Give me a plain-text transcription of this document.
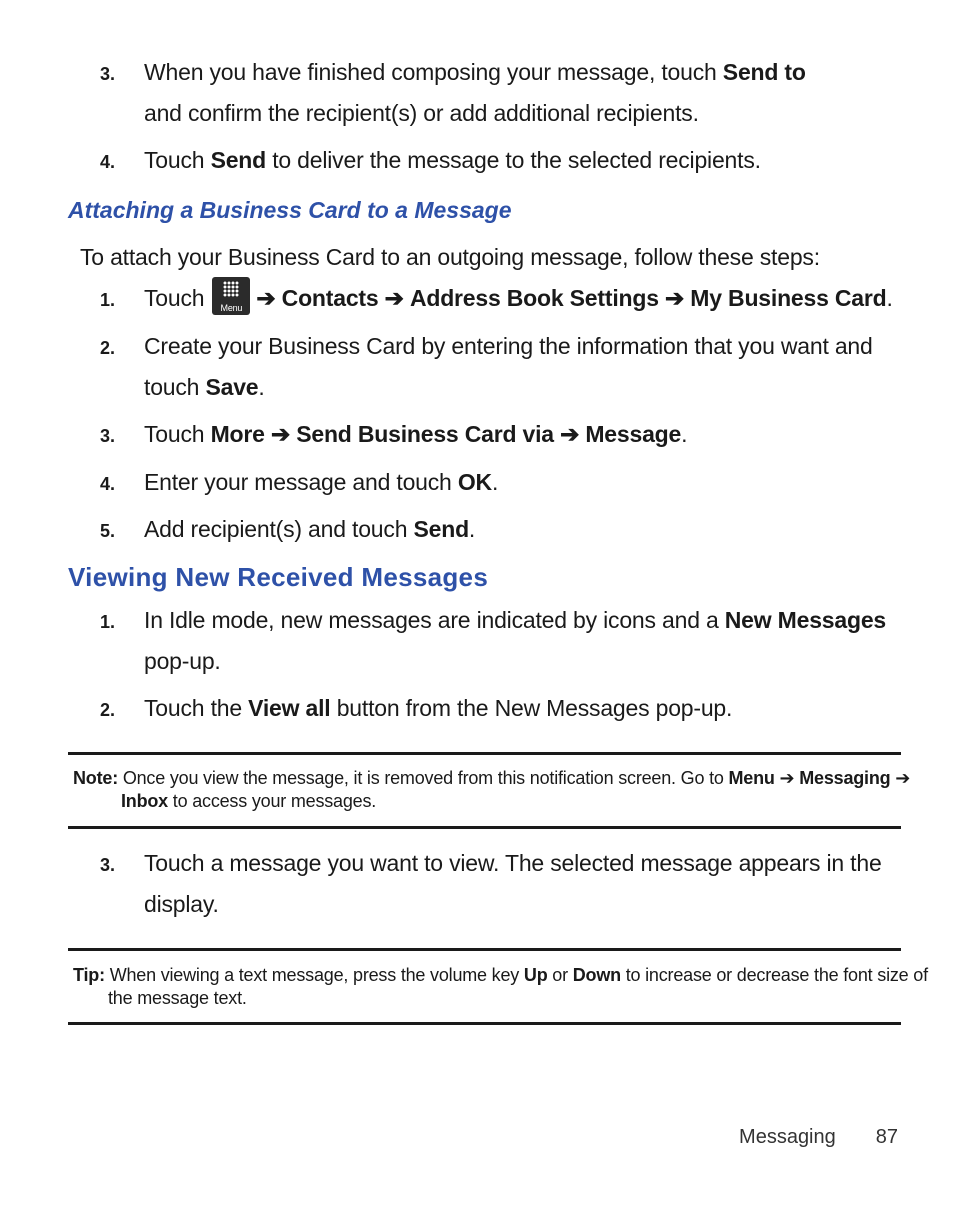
3. When you have finished composing your message, touch Send to and confirm the recipient(s) or add additional recipients.
4. Touch Send to deliver the message to the selected recipients.
Attaching a Business Card to a Message
To attach your Business Card to an outgoing message, follow these steps:
1. Touch	Menu ➔ Contacts ➔ Address Book Settings ➔ My Business Card.
2. Create your Business Card by entering the information that you want and touch Save.
3. Touch More ➔ Send Business Card via ➔ Message.
4. Enter your message and touch OK.
5. Add recipient(s) and touch Send.
Viewing New Received Messages
1. In Idle mode, new messages are indicated by icons and a New Messages pop-up.
2. Touch the View all button from the New Messages pop-up.
Note: Once you view the message, it is removed from this notification screen. Go to Menu ➔ Messaging ➔ Inbox to access your messages.
3. Touch a message you want to view. The selected message appears in the display.
Tip: When viewing a text message, press the volume key Up or Down to increase or decrease the font size of the message text.
Messaging 87
